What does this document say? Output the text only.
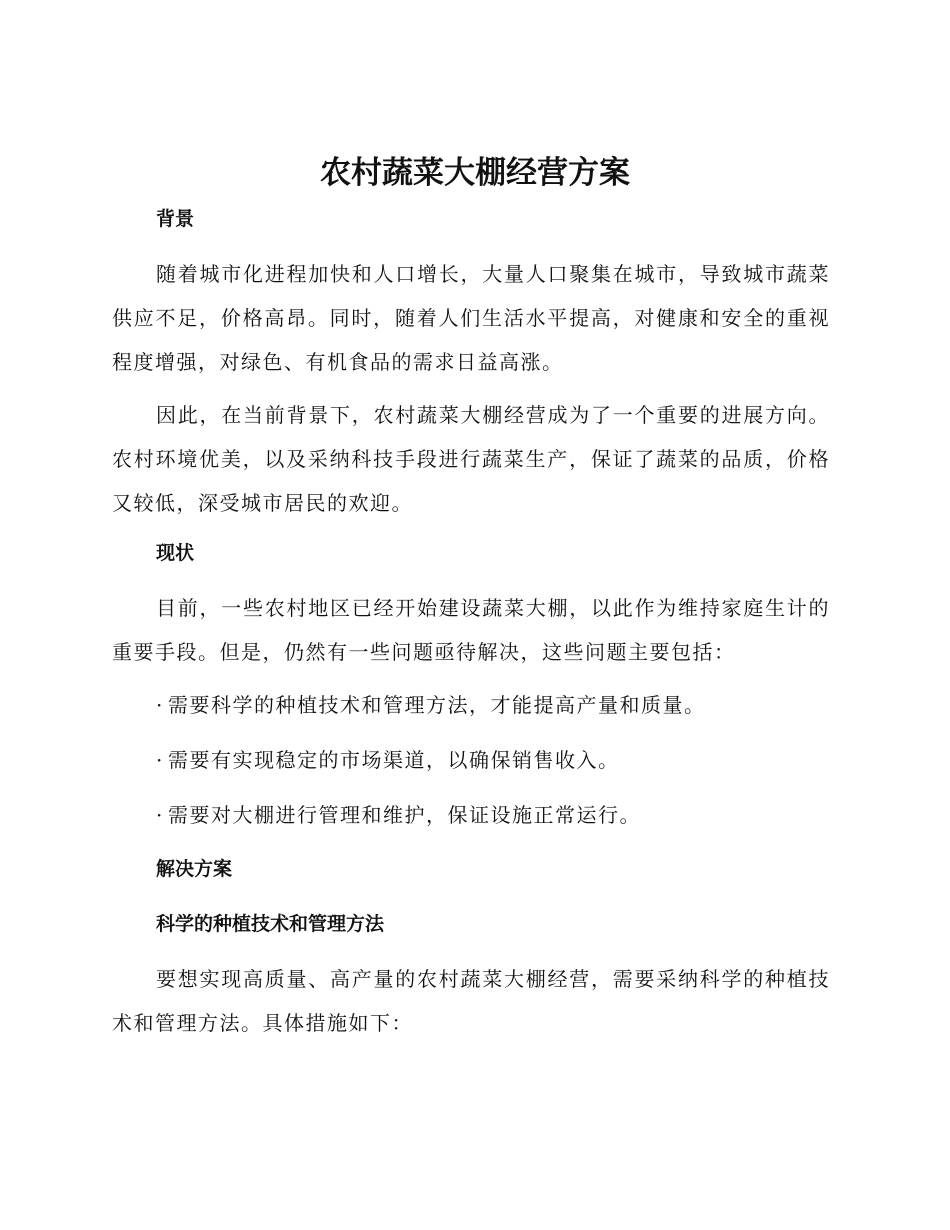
农村蔬菜大棚经营方案
背景

随着城市化进程加快和人口增长，大量人口聚集在城市，导致城市蔬菜供应不足，价格高昂。同时，随着人们生活水平提高，对健康和安全的重视程度增强，对绿色、有机食品的需求日益高涨。

因此，在当前背景下，农村蔬菜大棚经营成为了一个重要的进展方向。农村环境优美，以及采纳科技手段进行蔬菜生产，保证了蔬菜的品质，价格又较低，深受城市居民的欢迎。

现状

目前，一些农村地区已经开始建设蔬菜大棚，以此作为维持家庭生计的重要手段。但是，仍然有一些问题亟待解决，这些问题主要包括：

· 需要科学的种植技术和管理方法，才能提高产量和质量。
· 需要有实现稳定的市场渠道，以确保销售收入。
· 需要对大棚进行管理和维护，保证设施正常运行。
解决方案
科学的种植技术和管理方法

要想实现高质量、高产量的农村蔬菜大棚经营，需要采纳科学的种植技术和管理方法。具体措施如下：
